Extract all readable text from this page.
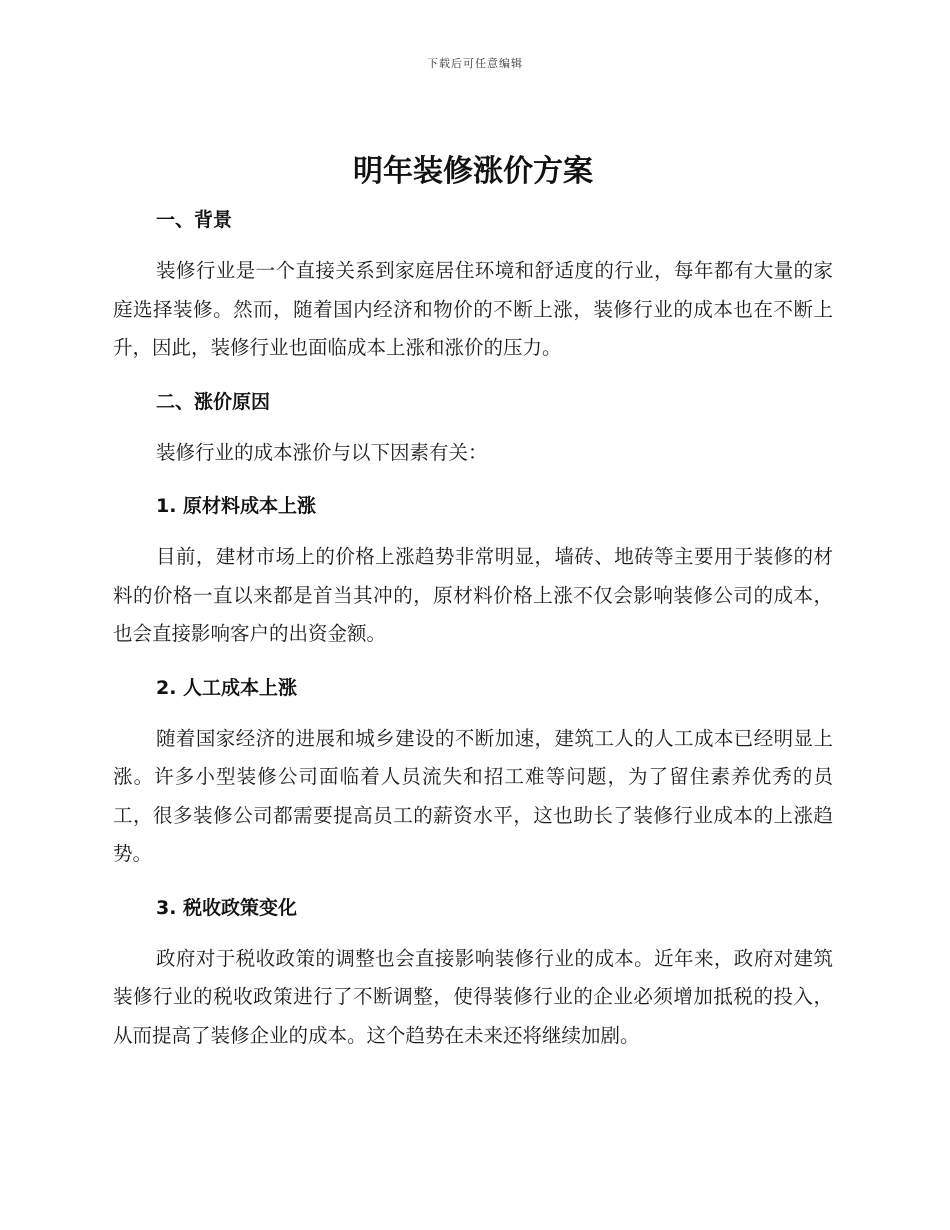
下载后可任意编辑
明年装修涨价方案
一、背景

装修行业是一个直接关系到家庭居住环境和舒适度的行业，每年都有大量的家庭选择装修。然而，随着国内经济和物价的不断上涨，装修行业的成本也在不断上升，因此，装修行业也面临成本上涨和涨价的压力。

二、涨价原因

装修行业的成本涨价与以下因素有关：

1. 原材料成本上涨

目前，建材市场上的价格上涨趋势非常明显，墙砖、地砖等主要用于装修的材料的价格一直以来都是首当其冲的，原材料价格上涨不仅会影响装修公司的成本，也会直接影响客户的出资金额。

2. 人工成本上涨

随着国家经济的进展和城乡建设的不断加速，建筑工人的人工成本已经明显上涨。许多小型装修公司面临着人员流失和招工难等问题，为了留住素养优秀的员工，很多装修公司都需要提高员工的薪资水平，这也助长了装修行业成本的上涨趋势。

3. 税收政策变化

政府对于税收政策的调整也会直接影响装修行业的成本。近年来，政府对建筑装修行业的税收政策进行了不断调整，使得装修行业的企业必须增加抵税的投入，从而提高了装修企业的成本。这个趋势在未来还将继续加剧。
